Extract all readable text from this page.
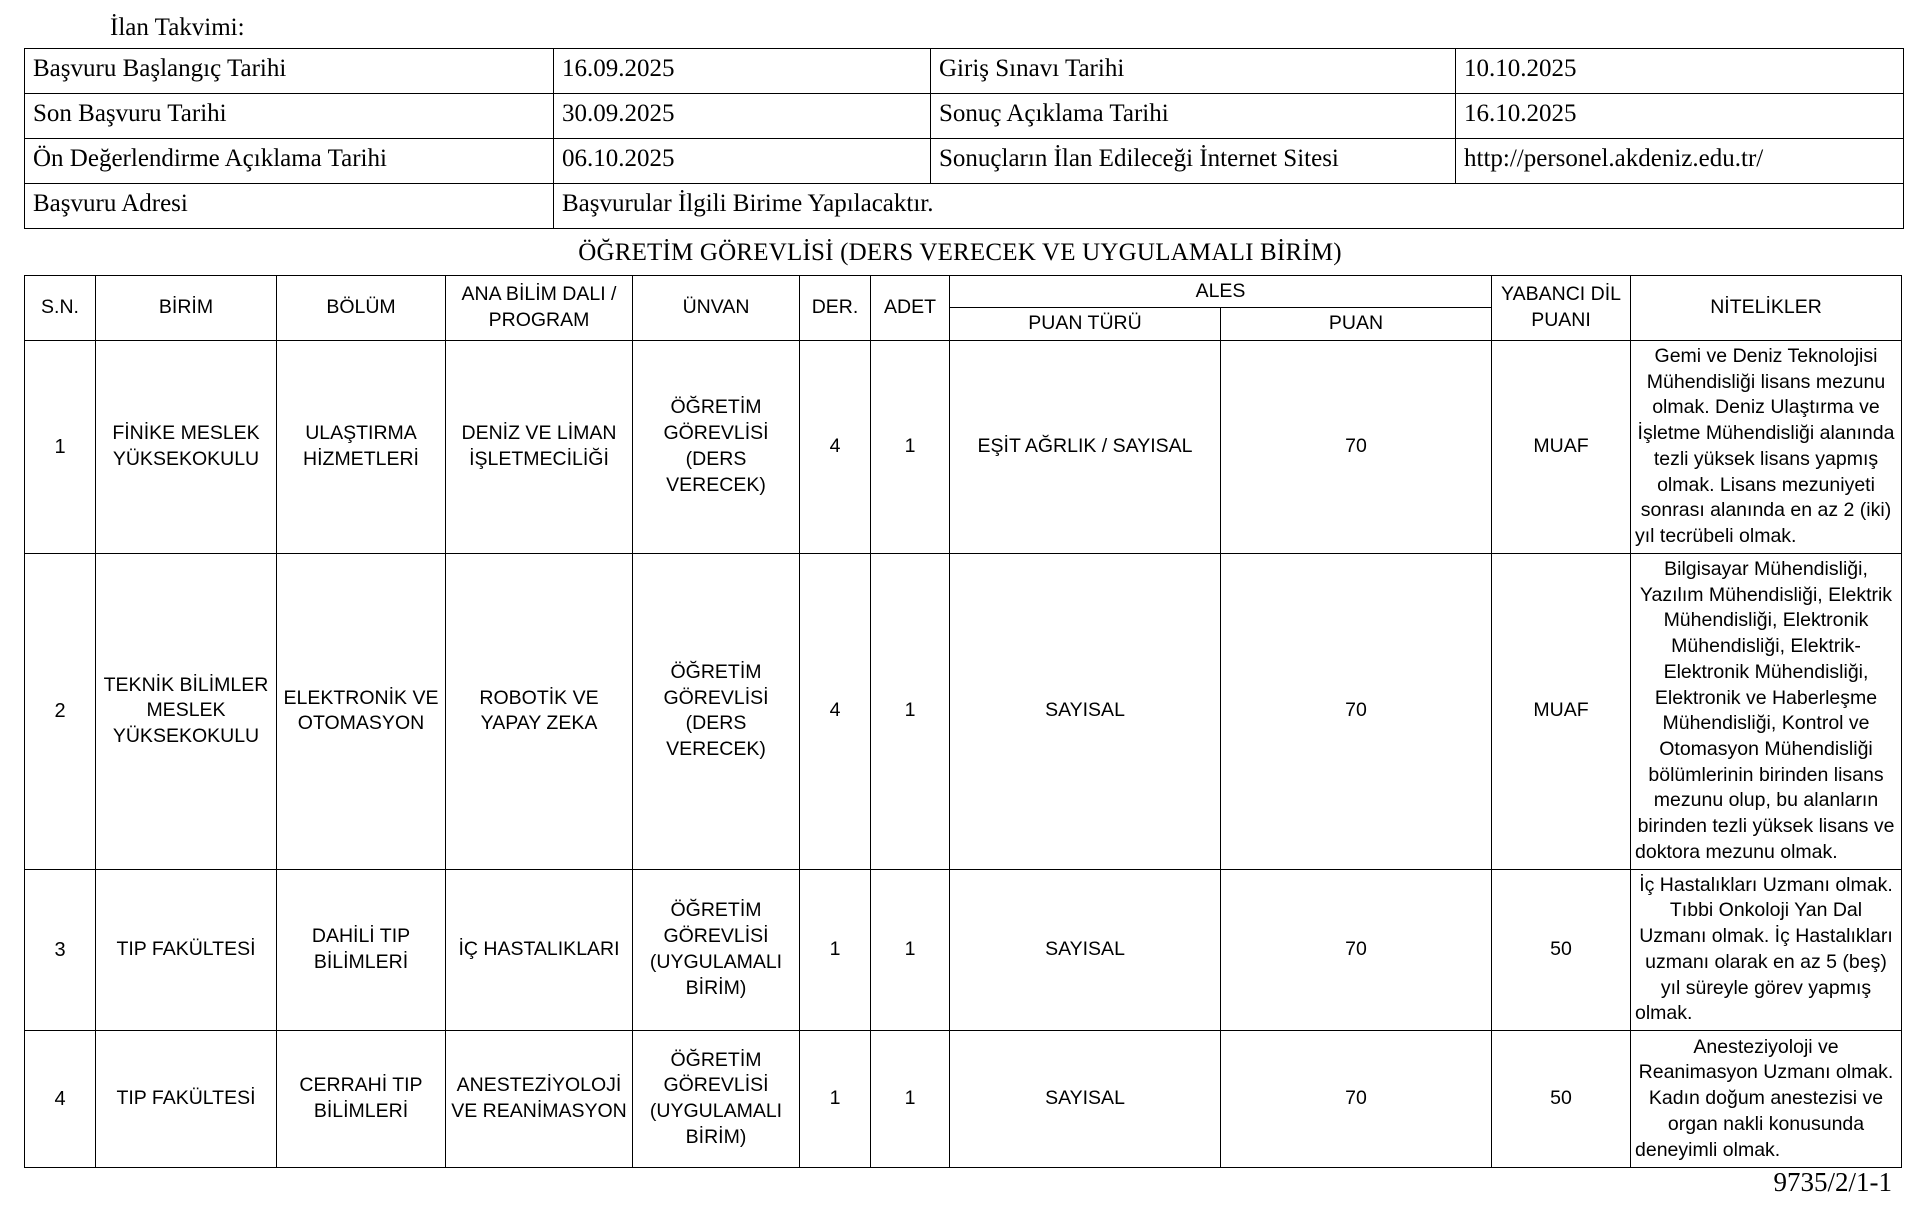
İlan Takvimi:
Başvuru Başlangıç Tarihi	16.09.2025	Giriş Sınavı Tarihi	10.10.2025
Son Başvuru Tarihi	30.09.2025	Sonuç Açıklama Tarihi	16.10.2025
Ön Değerlendirme Açıklama Tarihi	06.10.2025	Sonuçların İlan Edileceği İnternet Sitesi	http://personel.akdeniz.edu.tr/
Başvuru Adresi	Başvurular İlgili Birime Yapılacaktır.		
ÖĞRETİM GÖREVLİSİ (DERS VERECEK VE UYGULAMALI BİRİM)
S.N.	BİRİM	BÖLÜM	ANA BİLİM DALI / PROGRAM	ÜNVAN	DER.	ADET	ALES		YABANCI DİL PUANI	NİTELİKLER
							PUAN TÜRÜ	PUAN		
1	FİNİKE MESLEK YÜKSEKOKULU	ULAŞTIRMA HİZMETLERİ	DENİZ VE LİMAN İŞLETMECİLİĞİ	ÖĞRETİM GÖREVLİSİ (DERS VERECEK)	4	1	EŞİT AĞRLIK / SAYISAL	70	MUAF	Gemi ve Deniz Teknolojisi Mühendisliği lisans mezunu olmak. Deniz Ulaştırma ve İşletme Mühendisliği alanında tezli yüksek lisans yapmış olmak. Lisans mezuniyeti sonrası alanında en az 2 (iki) yıl tecrübeli olmak.
2	TEKNİK BİLİMLER MESLEK YÜKSEKOKULU	ELEKTRONİK VE OTOMASYON	ROBOTİK VE YAPAY ZEKA	ÖĞRETİM GÖREVLİSİ (DERS VERECEK)	4	1	SAYISAL	70	MUAF	Bilgisayar Mühendisliği, Yazılım Mühendisliği, Elektrik Mühendisliği, Elektronik Mühendisliği, Elektrik-Elektronik Mühendisliği, Elektronik ve Haberleşme Mühendisliği, Kontrol ve Otomasyon Mühendisliği bölümlerinin birinden lisans mezunu olup, bu alanların birinden tezli yüksek lisans ve doktora mezunu olmak.
3	TIP FAKÜLTESİ	DAHİLİ TIP BİLİMLERİ	İÇ HASTALIKLARI	ÖĞRETİM GÖREVLİSİ (UYGULAMALI BİRİM)	1	1	SAYISAL	70	50	İç Hastalıkları Uzmanı olmak. Tıbbi Onkoloji Yan Dal Uzmanı olmak. İç Hastalıkları uzmanı olarak en az 5 (beş) yıl süreyle görev yapmış olmak.
4	TIP FAKÜLTESİ	CERRAHİ TIP BİLİMLERİ	ANESTEZİYOLOJİ VE REANİMASYON	ÖĞRETİM GÖREVLİSİ (UYGULAMALI BİRİM)	1	1	SAYISAL	70	50	Anesteziyoloji ve Reanimasyon Uzmanı olmak. Kadın doğum anestezisi ve organ nakli konusunda deneyimli olmak.
9735/2/1-1
